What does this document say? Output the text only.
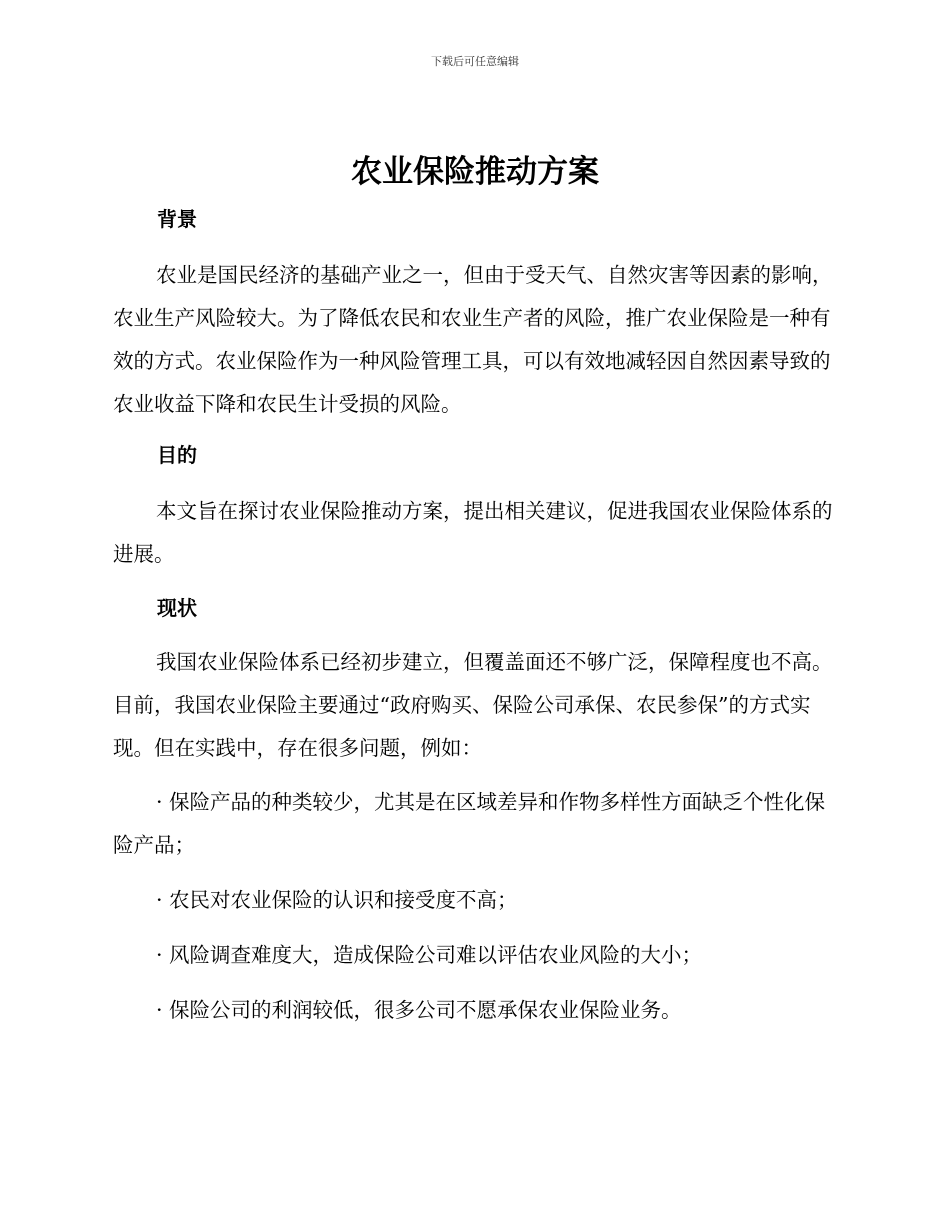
下载后可任意编辑
农业保险推动方案
背景

农业是国民经济的基础产业之一，但由于受天气、自然灾害等因素的影响，农业生产风险较大。为了降低农民和农业生产者的风险，推广农业保险是一种有效的方式。农业保险作为一种风险管理工具，可以有效地减轻因自然因素导致的农业收益下降和农民生计受损的风险。

目的

本文旨在探讨农业保险推动方案，提出相关建议，促进我国农业保险体系的进展。

现状

我国农业保险体系已经初步建立，但覆盖面还不够广泛，保障程度也不高。目前，我国农业保险主要通过“政府购买、保险公司承保、农民参保”的方式实现。但在实践中，存在很多问题，例如：

· 保险产品的种类较少，尤其是在区域差异和作物多样性方面缺乏个性化保险产品；

· 农民对农业保险的认识和接受度不高；

· 风险调查难度大，造成保险公司难以评估农业风险的大小；

· 保险公司的利润较低，很多公司不愿承保农业保险业务。
